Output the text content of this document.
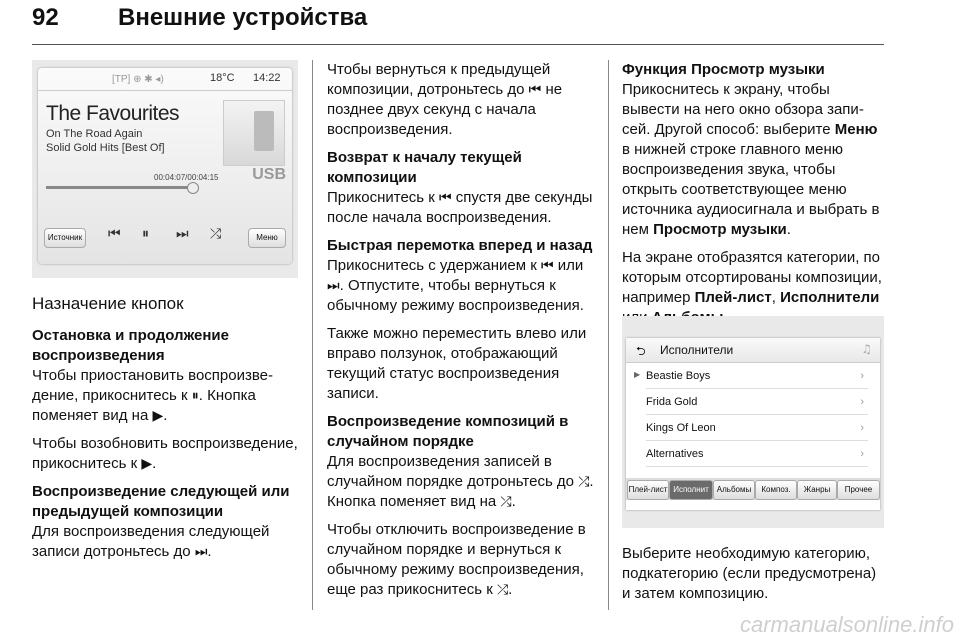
92 Внешние устройства
[TP] ⊕ ✱ ◂)	18°C 14:22
The Favourites
On The Road Again
Solid Gold Hits [Best Of]
USB
00:04:07/00:04:15
Источник ⏮ ⏸ ⏭ ⤮	Меню
Назначение кнопок
Остановка и продолжение воспроизведения

Чтобы приостановить воспроизведение, прикоснитесь к ⏸. Кнопка поменяет вид на ▶.

Чтобы возобновить воспроизведение, прикоснитесь к ▶.

Воспроизведение следующей или предыдущей композиции

Для воспроизведения следующей записи дотроньтесь до ⏭.

Чтобы вернуться к предыдущей композиции, дотроньтесь до ⏮ не позднее двух секунд с начала воспроизведения.

Возврат к началу текущей композиции

Прикоснитесь к ⏮ спустя две секунды после начала воспроизведения.

Быстрая перемотка вперед и назад

Прикоснитесь с удержанием к ⏮ или ⏭. Отпустите, чтобы вернуться к обычному режиму воспроизведения.

Также можно переместить влево или вправо ползунок, отображающий текущий статус воспроизведения записи.

Воспроизведение композиций в случайном порядке

Для воспроизведения записей в случайном порядке дотроньтесь до ⤮. Кнопка поменяет вид на ⤮.

Чтобы отключить воспроизведение в случайном порядке и вернуться к обычному режиму воспроизведения, еще раз прикоснитесь к ⤮.

Функция Просмотр музыки

Прикоснитесь к экрану, чтобы вывести на него окно обзора записей. Другой способ: выберите Меню в нижней строке главного меню воспроизведения звука, чтобы открыть соответствующее меню источника аудиосигнала и выбрать в нем Просмотр музыки.

На экране отобразятся категории, по которым отсортированы композиции, например Плей-лист, Исполнители

⮌ Исполнители	♫
▶ Beastie Boys	›
Frida Gold	›
Kings Of Leon	›
Alternatives	›
Плей-лист Исполнит Альбомы	Композ.	Жанры	Прочее

Выберите необходимую категорию, подкатегорию (если предусмотрена) и затем композицию.

carmanualsonline.info
